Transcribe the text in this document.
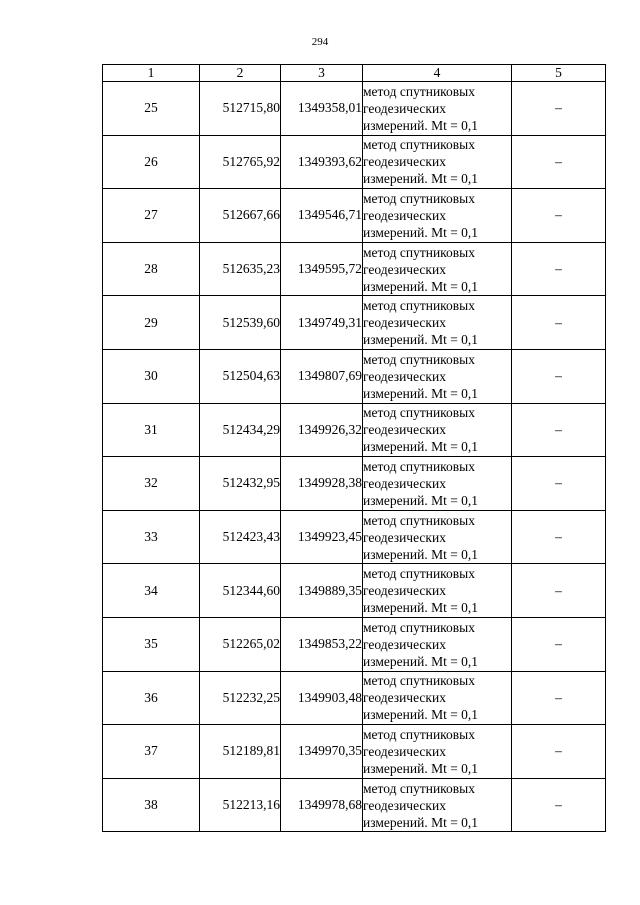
294
1	2	3	4	5
25	512715,80	1349358,01	метод спутниковых
геодезических
измерений. Mt = 0,1	–
26	512765,92	1349393,62	метод спутниковых
геодезических
измерений. Mt = 0,1	–
27	512667,66	1349546,71	метод спутниковых
геодезических
измерений. Mt = 0,1	–
28	512635,23	1349595,72	метод спутниковых
геодезических
измерений. Mt = 0,1	–
29	512539,60	1349749,31	метод спутниковых
геодезических
измерений. Mt = 0,1	–
30	512504,63	1349807,69	метод спутниковых
геодезических
измерений. Mt = 0,1	–
31	512434,29	1349926,32	метод спутниковых
геодезических
измерений. Mt = 0,1	–
32	512432,95	1349928,38	метод спутниковых
геодезических
измерений. Mt = 0,1	–
33	512423,43	1349923,45	метод спутниковых
геодезических
измерений. Mt = 0,1	–
34	512344,60	1349889,35	метод спутниковых
геодезических
измерений. Mt = 0,1	–
35	512265,02	1349853,22	метод спутниковых
геодезических
измерений. Mt = 0,1	–
36	512232,25	1349903,48	метод спутниковых
геодезических
измерений. Mt = 0,1	–
37	512189,81	1349970,35	метод спутниковых
геодезических
измерений. Mt = 0,1	–
38	512213,16	1349978,68	метод спутниковых
геодезических
измерений. Mt = 0,1	–
